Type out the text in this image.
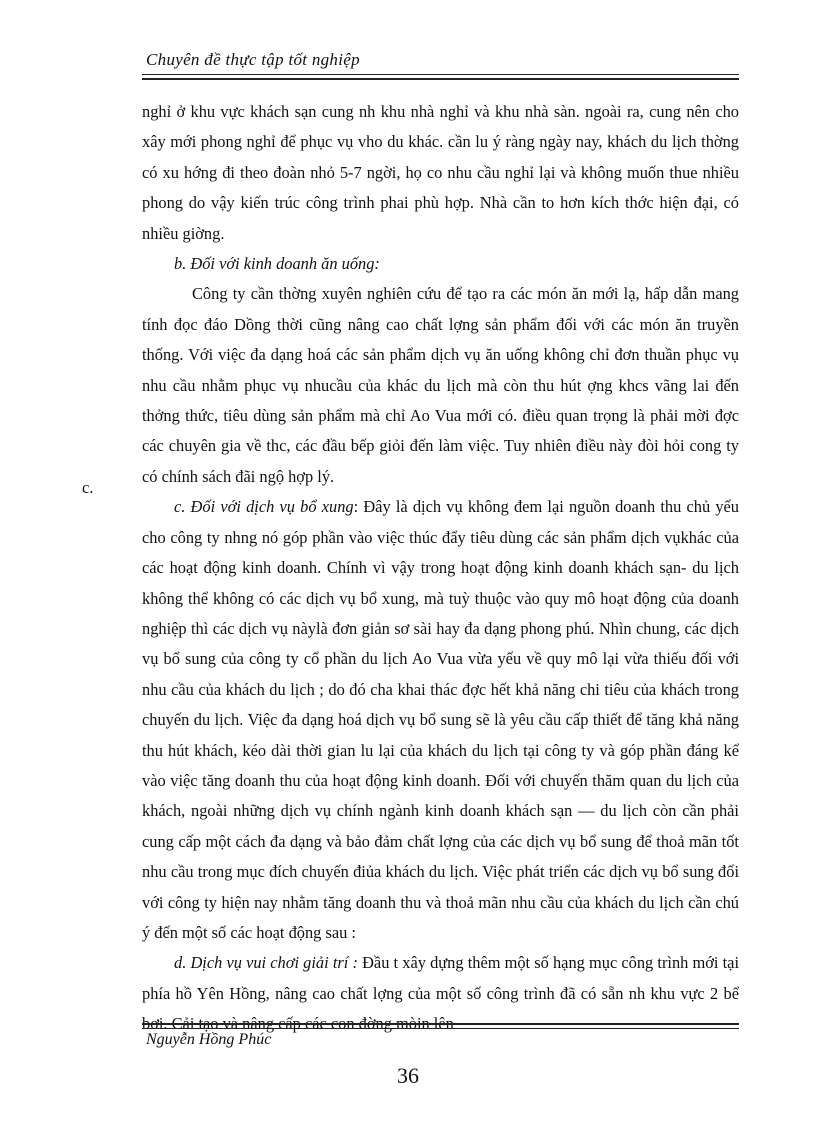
Chuyên đề thực tập tốt nghiệp
c.

nghỉ ở khu vực khách sạn cung nh khu nhà nghỉ và khu nhà sàn. ngoài ra, cung nên cho xây mới phong nghỉ để phục vụ vho du khác. cần lu ý ràng ngày nay, khách du lịch thờng có xu hớng đi theo đoàn nhỏ 5-7 ngời, họ co nhu cầu nghỉ lại và không muốn thue nhiều phong do vậy kiến trúc công trình phai phù hợp. Nhà cần to hơn kích thớc hiện đại, có nhiều giờng.

b. Đối với kinh doanh ăn uống:

Công ty cần thờng xuyên nghiên cứu để tạo ra các món ăn mới lạ, hấp dẫn mang tính đọc đáo Dồng thời cũng nâng cao chất lợng sản phẩm đối với các món ăn truyền thống. Với việc đa dạng hoá các sản phẩm dịch vụ ăn uống không chỉ đơn thuần phục vụ nhu cầu nhằm phục vụ nhucầu của khác du lịch mà còn thu hút ợng khcs vãng lai đến thởng thức, tiêu dùng sản phẩm mà chỉ Ao Vua mới có. điều quan trọng là phải mời đợc các chuyên gia về thc, các đầu bếp giỏi đến làm việc. Tuy nhiên điều này đòi hỏi cong ty có chính sách đãi ngộ hợp lý.

c. Đối với dịch vụ bổ xung: Đây là dịch vụ không đem lại nguồn doanh thu chủ yếu cho công ty nhng nó góp phần vào việc thúc đẩy tiêu dùng các sản phẩm dịch vụkhác của các hoạt động kinh doanh. Chính vì vậy trong hoạt động kinh doanh khách sạn- du lịch không thể không có các dịch vụ bổ xung, mà tuỳ thuộc vào quy mô hoạt động của doanh nghiệp thì các dịch vụ nàylà đơn giản sơ sài hay đa dạng phong phú. Nhìn chung, các dịch vụ bổ sung của công ty cổ phần du lịch Ao Vua vừa yếu về quy mô lại vừa thiếu đối với nhu cầu của khách du lịch ; do đó cha khai thác đợc hết khả năng chi tiêu của khách trong chuyến du lịch. Việc đa dạng hoá dịch vụ bổ sung sẽ là yêu cầu cấp thiết để tăng khả năng thu hút khách, kéo dài thời gian lu lại của khách du lịch tại công ty và góp phần đáng kể vào việc tăng doanh thu của hoạt động kinh doanh. Đối với chuyến thăm quan du lịch của khách, ngoài những dịch vụ chính ngành kinh doanh khách sạn — du lịch còn cần phải cung cấp một cách đa dạng và bảo đảm chất lợng của các dịch vụ bổ sung để thoả mãn tốt nhu cầu trong mục đích chuyến điủa khách du lịch. Việc phát triển các dịch vụ bổ sung đối với công ty hiện nay nhằm tăng doanh thu và thoả mãn nhu cầu của khách du lịch cần chú ý đến một số các hoạt động sau :

d. Dịch vụ vui chơi giải trí : Đầu t xây dựng thêm một số hạng mục công trình mới tại phía hồ Yên Hồng, nâng cao chất lợng của một số công trình đã có sẵn nh khu vực 2 bể bơi. Cải tạo và nâng cấp các con đờng mòin lên

Nguyễn Hồng Phúc
36
